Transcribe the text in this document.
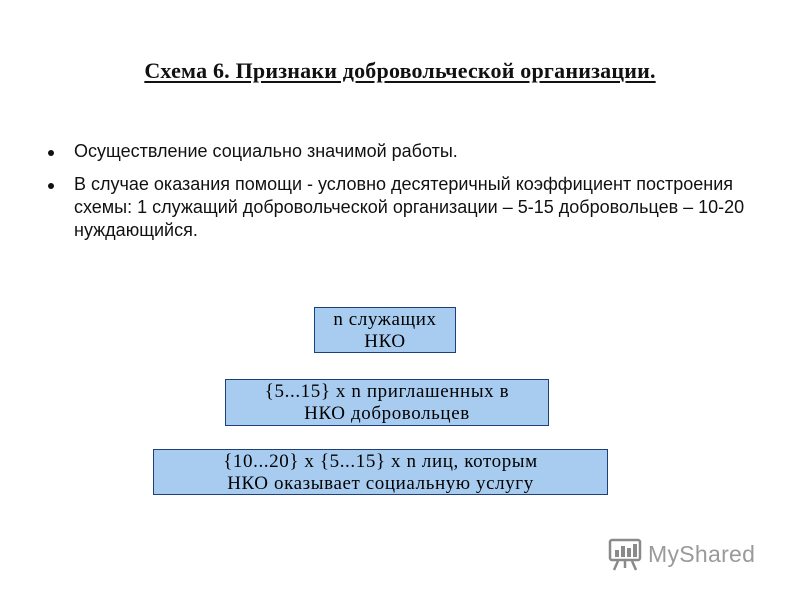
Схема 6. Признаки добровольческой организации.
Осуществление социально значимой работы.
В случае оказания помощи - условно десятеричный коэффициент построения схемы: 1 служащий добровольческой организации – 5-15 добровольцев – 10-20 нуждающийся.
n служащих
НКО
{5...15} x n приглашенных в
НКО добровольцев
{10...20} x {5...15} x n лиц, которым
НКО оказывает социальную услугу
MyShared
